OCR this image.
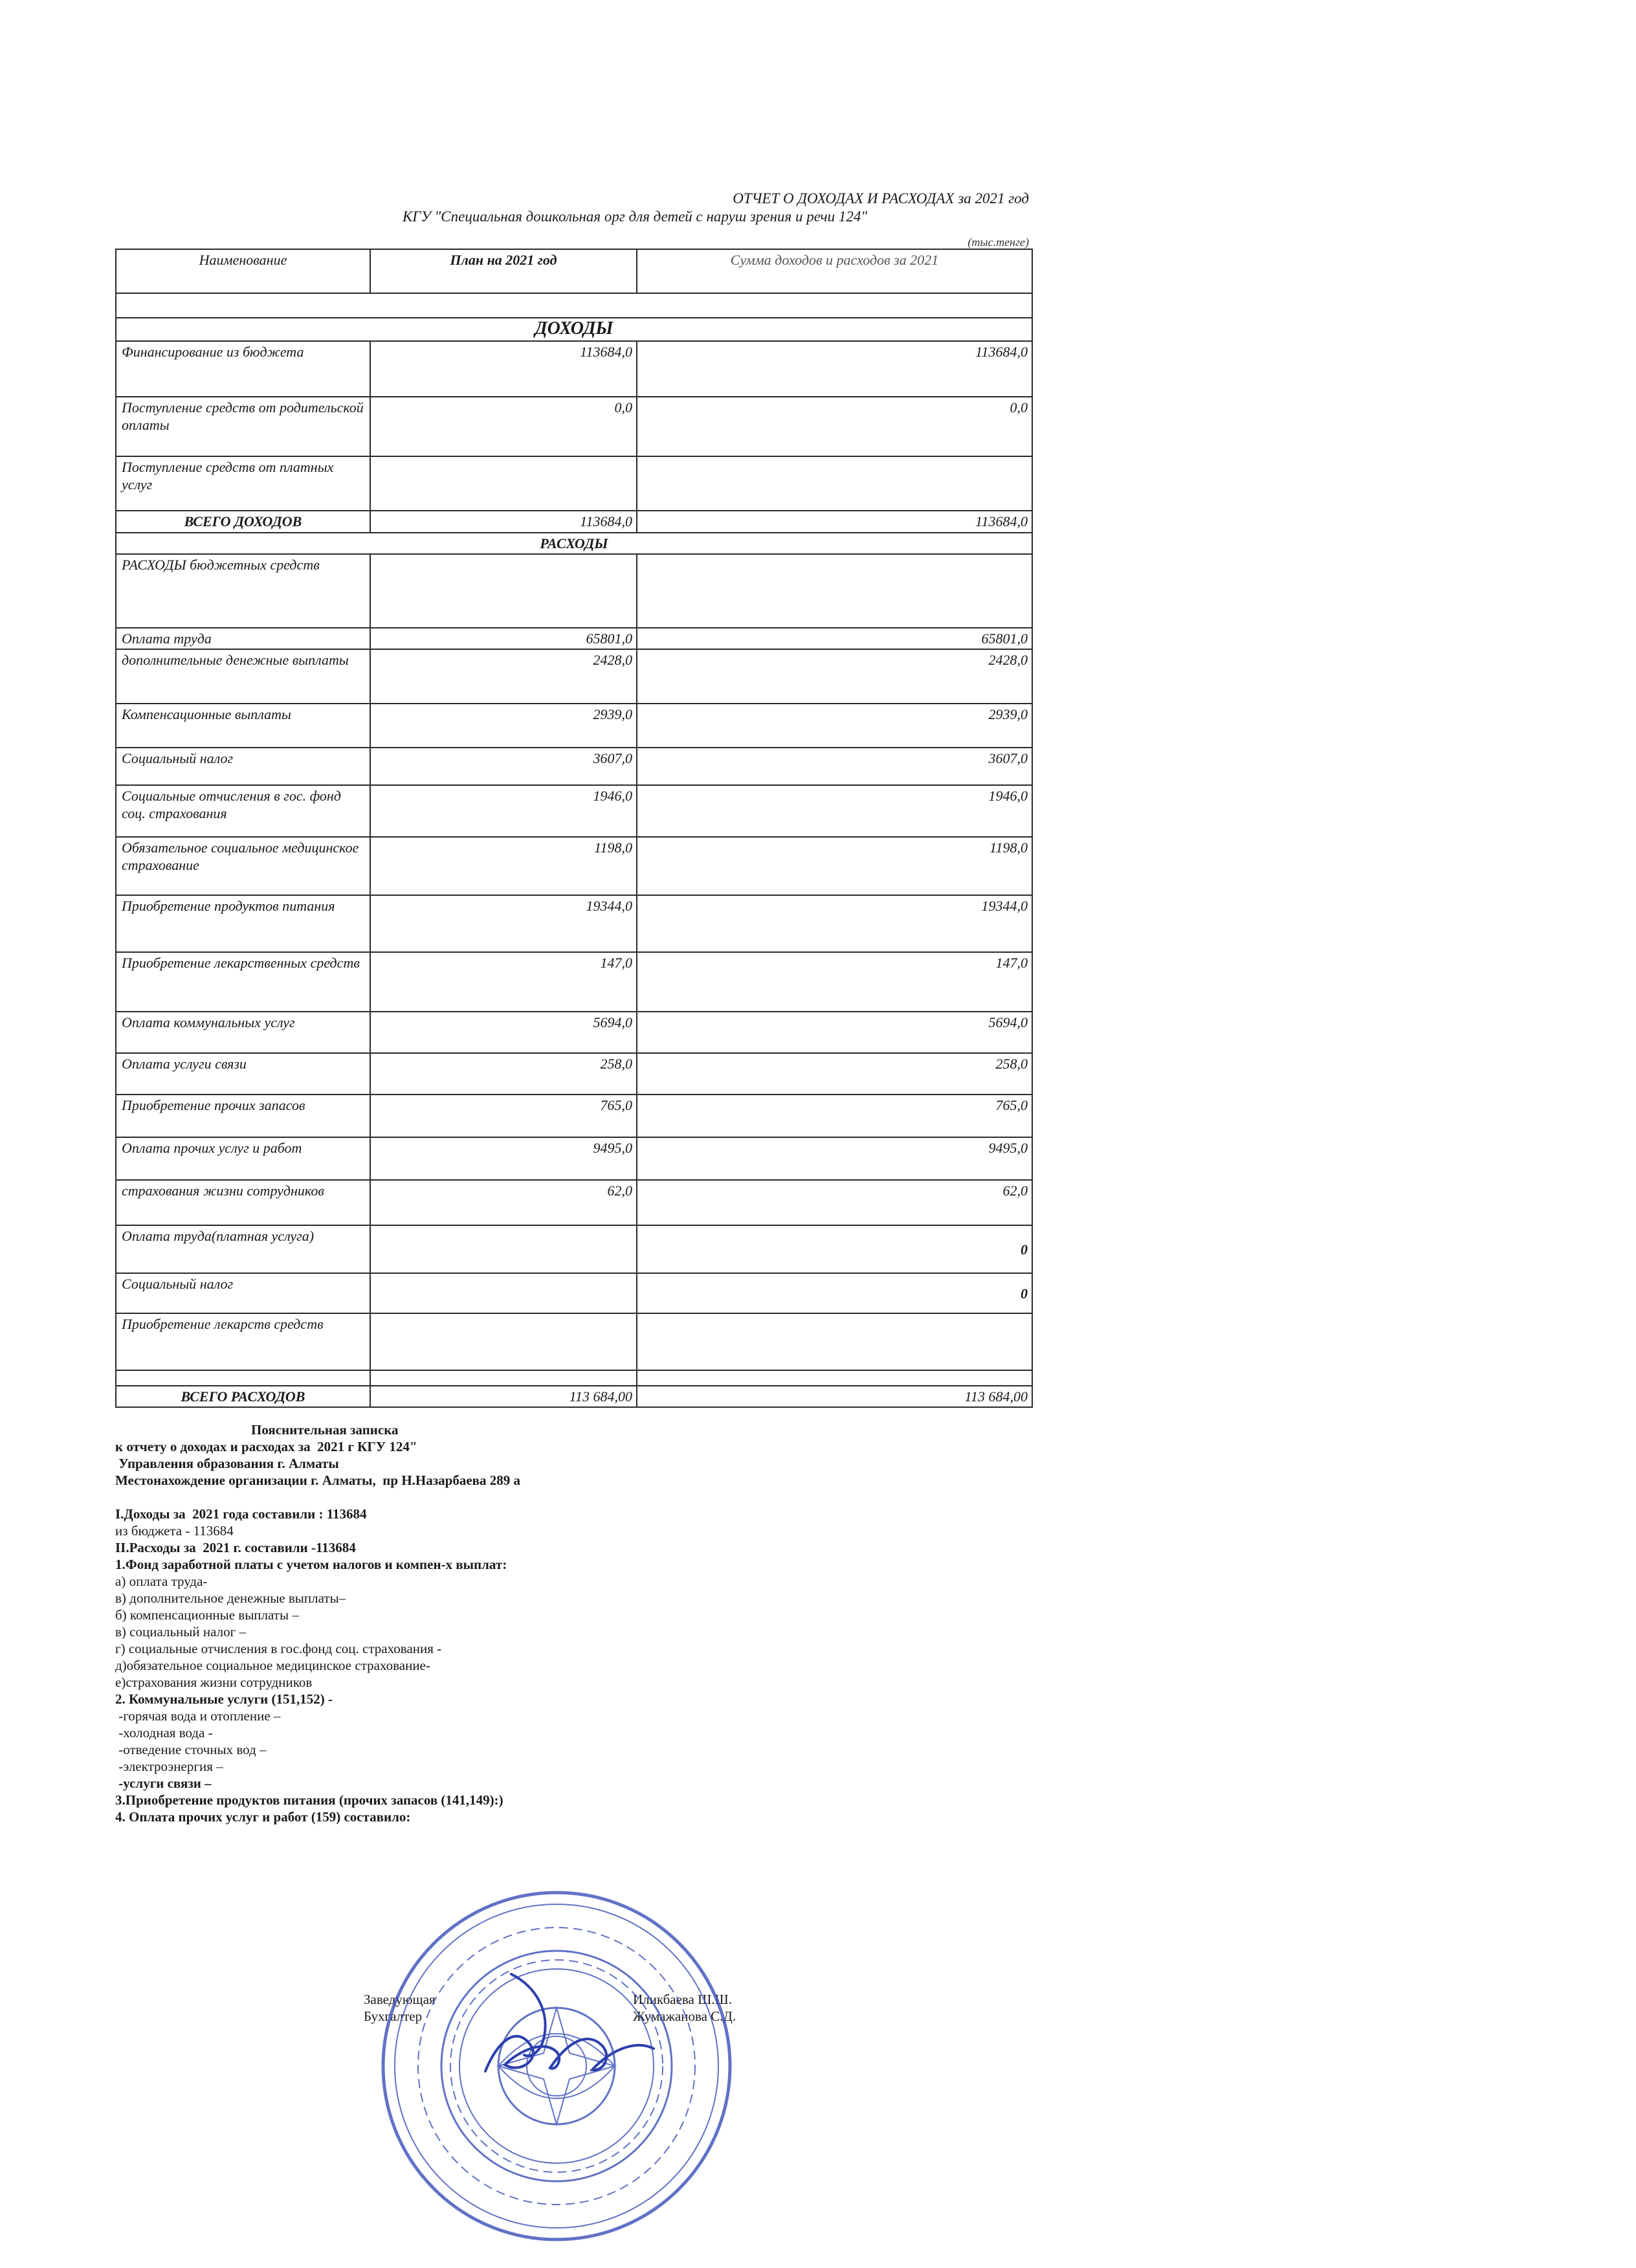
ОТЧЕТ О ДОХОДАХ И РАСХОДАХ за 2021 год
КГУ "Специальная дошкольная орг для детей с наруш зрения и речи 124"
(тыс.тенге)
Наименование	План на 2021 год	Сумма доходов и расходов за 2021

ДОХОДЫ		
Финансирование из бюджета	113684,0	113684,0
Поступление средств от родительской оплаты	0,0	0,0
Поступление средств от платных услуг		
ВСЕГО ДОХОДОВ	113684,0	113684,0
РАСХОДЫ		
РАСХОДЫ бюджетных средств		
Оплата труда	65801,0	65801,0
дополнительные денежные выплаты	2428,0	2428,0
Компенсационные выплаты	2939,0	2939,0
Социальный налог	3607,0	3607,0
Социальные отчисления в гос. фонд соц. страхования	1946,0	1946,0
Обязательное социальное медицинское страхование	1198,0	1198,0
Приобретение продуктов питания	19344,0	19344,0
Приобретение лекарственных средств	147,0	147,0
Оплата коммунальных услуг	5694,0	5694,0
Оплата услуги связи	258,0	258,0
Приобретение прочих запасов	765,0	765,0
Оплата прочих услуг и работ	9495,0	9495,0
страхования жизни сотрудников	62,0	62,0
Оплата труда(платная услуга)		0
Социальный налог		0
Приобретение лекарств средств		

ВСЕГО РАСХОДОВ	113 684,00	113 684,00
Пояснительная записка
к отчету о доходах и расходах за  2021 г КГУ 124"
Управления образования г. Алматы
Местонахождение организации г. Алматы,  пр Н.Назарбаева 289 а
I.Доходы за  2021 года составили : 113684
из бюджета - 113684
II.Расходы за  2021 г. составили -113684
1.Фонд заработной платы с учетом налогов и компен-х выплат:
а) оплата труда-
в) дополнительное денежные выплаты–
б) компенсационные выплаты –
в) социальный налог –
г) социальные отчисления в гос.фонд соц. страхования -
д)обязательное социальное медицинское страхование-
е)страхования жизни сотрудников
2. Коммунальные услуги (151,152) -
-горячая вода и отопление –
-холодная вода -
-отведение сточных вод –
-электроэнергия –
-услуги связи –
3.Приобретение продуктов питания (прочих запасов (141,149):)
4. Оплата прочих услуг и работ (159) составило:
Заведующая
Бухгалтер
Иликбаева Ш.Ш.
Жумажанова С.Д.
